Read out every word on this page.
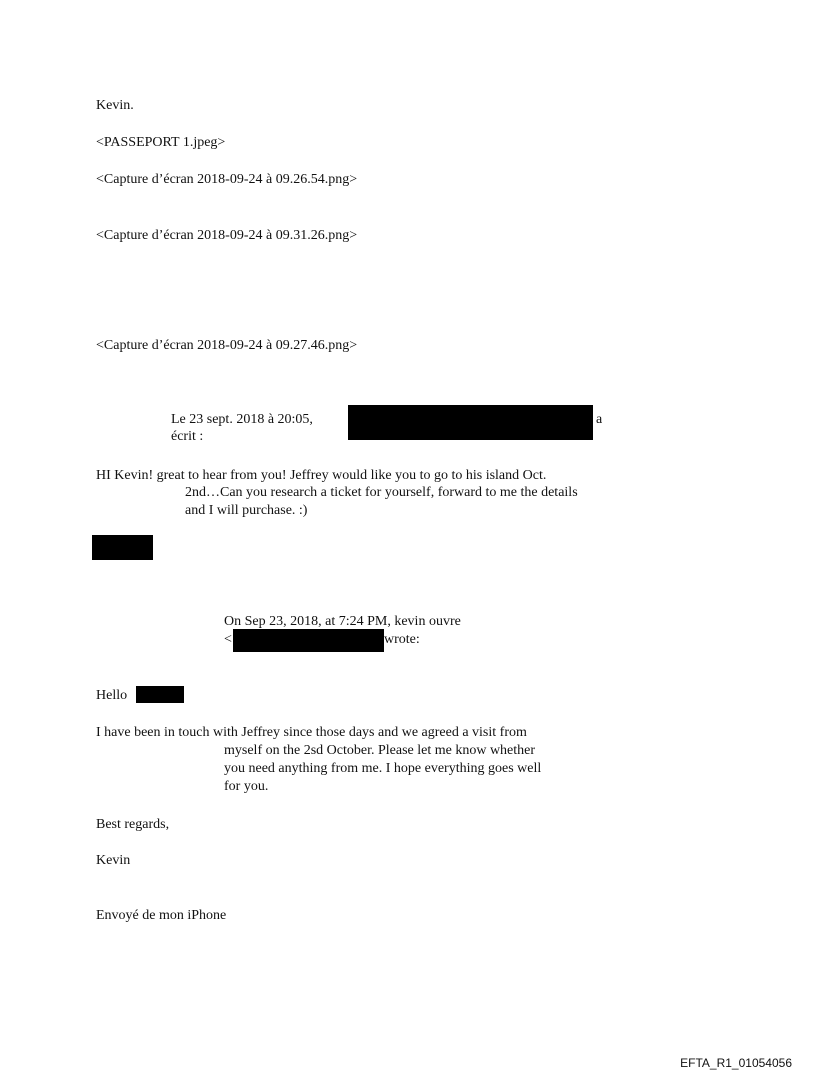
Kevin.
<PASSEPORT 1.jpeg>
<Capture d’écran 2018-09-24 à 09.26.54.png>
<Capture d’écran 2018-09-24 à 09.31.26.png>
<Capture d’écran 2018-09-24 à 09.27.46.png>
Le 23 sept. 2018 à 20:05,	a
écrit :
HI Kevin! great to hear from you! Jeffrey would like you to go to his island Oct.
2nd…Can you research a ticket for yourself, forward to me the details
and I will purchase. :)
On Sep 23, 2018, at 7:24 PM, kevin ouvre
<	wrote:
Hello
I have been in touch with Jeffrey since those days and we agreed a visit from
myself on the 2sd October. Please let me know whether
you need anything from me. I hope everything goes well
for you.
Best regards,
Kevin
Envoyé de mon iPhone
EFTA_R1_01054056
